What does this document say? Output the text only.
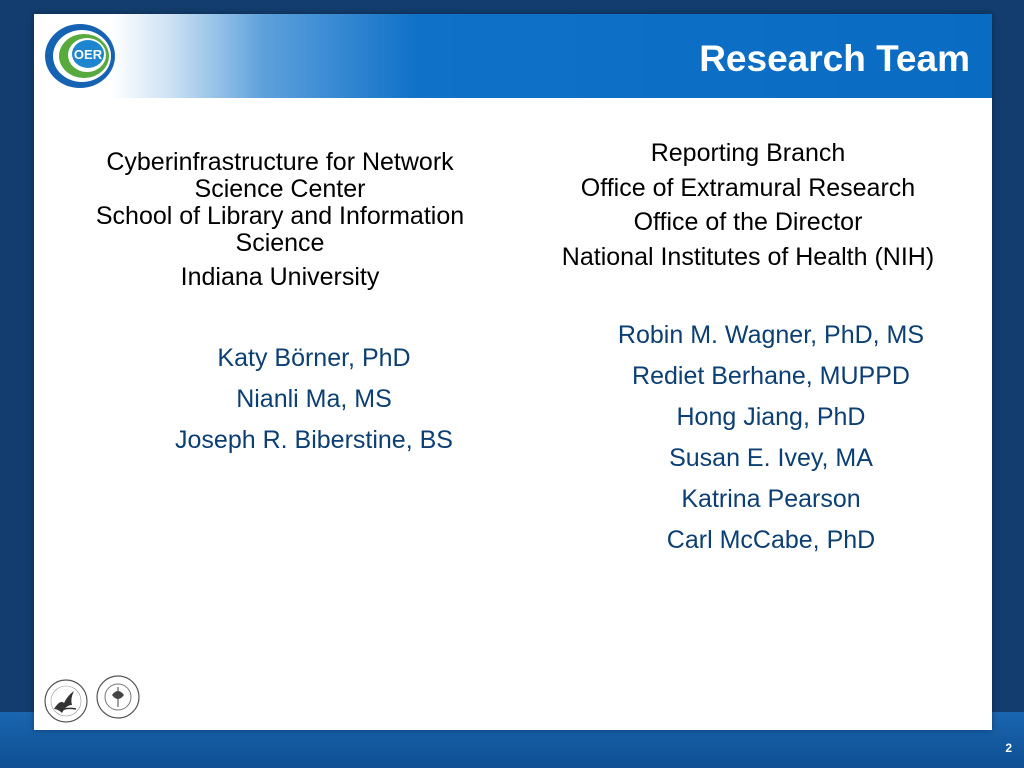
2
OER	Research Team

Cyberinfrastructure for Network

Science Center

School of Library and Information

Science

Indiana University

Reporting Branch

Office of Extramural Research

Office of the Director

National Institutes of Health (NIH)

Katy Börner, PhD

Nianli Ma, MS

Joseph R. Biberstine, BS

Robin M. Wagner, PhD, MS

Rediet Berhane, MUPPD

Hong Jiang, PhD

Susan E. Ivey, MA

Katrina Pearson

Carl McCabe, PhD
